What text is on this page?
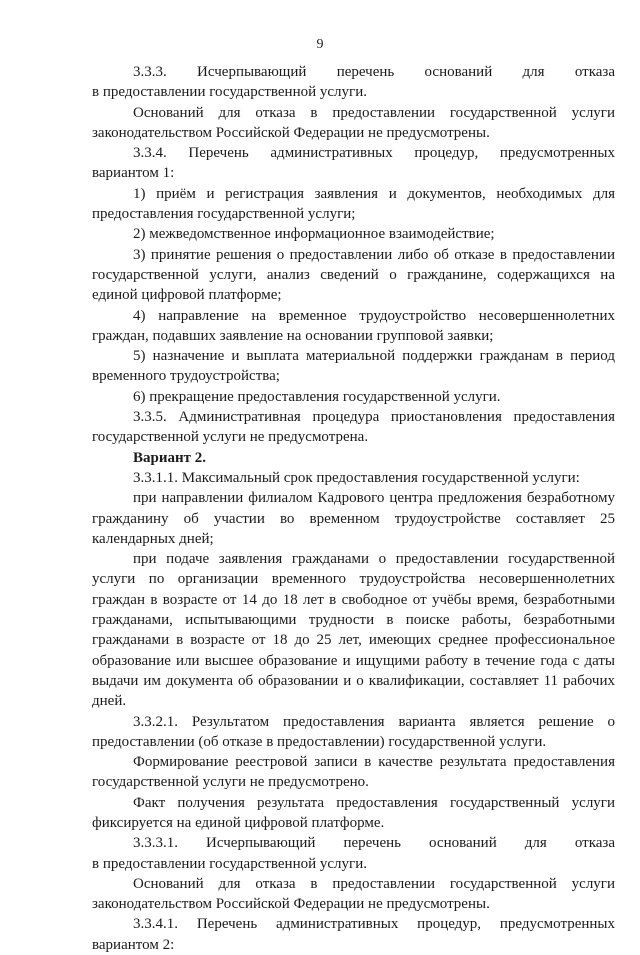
9

3.3.3. Исчерпывающий перечень оснований для отказа

в предоставлении государственной услуги.

Оснований для отказа в предоставлении государственной услуги законодательством Российской Федерации не предусмотрены.

3.3.4. Перечень административных процедур, предусмотренных

вариантом 1:

1) приём и регистрация заявления и документов, необходимых для предоставления государственной услуги;

2) межведомственное информационное взаимодействие;

3) принятие решения о предоставлении либо об отказе в предоставлении государственной услуги, анализ сведений о гражданине, содержащихся на единой цифровой платформе;

4) направление на временное трудоустройство несовершеннолетних граждан, подавших заявление на основании групповой заявки;

5) назначение и выплата материальной поддержки гражданам в период временного трудоустройства;

6) прекращение предоставления государственной услуги.

3.3.5. Административная процедура приостановления предоставления государственной услуги не предусмотрена.

Вариант 2.

3.3.1.1. Максимальный срок предоставления государственной услуги:

при направлении филиалом Кадрового центра предложения безработному гражданину об участии во временном трудоустройстве составляет 25 календарных дней;

при подаче заявления гражданами о предоставлении государственной услуги по организации временного трудоустройства несовершеннолетних граждан в возрасте от 14 до 18 лет в свободное от учёбы время, безработными гражданами, испытывающими трудности в поиске работы, безработными гражданами в возрасте от 18 до 25 лет, имеющих среднее профессиональное образование или высшее образование и ищущими работу в течение года с даты выдачи им документа об образовании и о квалификации, составляет 11 рабочих дней.

3.3.2.1. Результатом предоставления варианта является решение о предоставлении (об отказе в предоставлении) государственной услуги.

Формирование реестровой записи в качестве результата предоставления государственной услуги не предусмотрено.

Факт получения результата предоставления государственный услуги фиксируется на единой цифровой платформе.

3.3.3.1. Исчерпывающий перечень оснований для отказа

в предоставлении государственной услуги.

Оснований для отказа в предоставлении государственной услуги законодательством Российской Федерации не предусмотрены.

3.3.4.1. Перечень административных процедур, предусмотренных

вариантом 2:
